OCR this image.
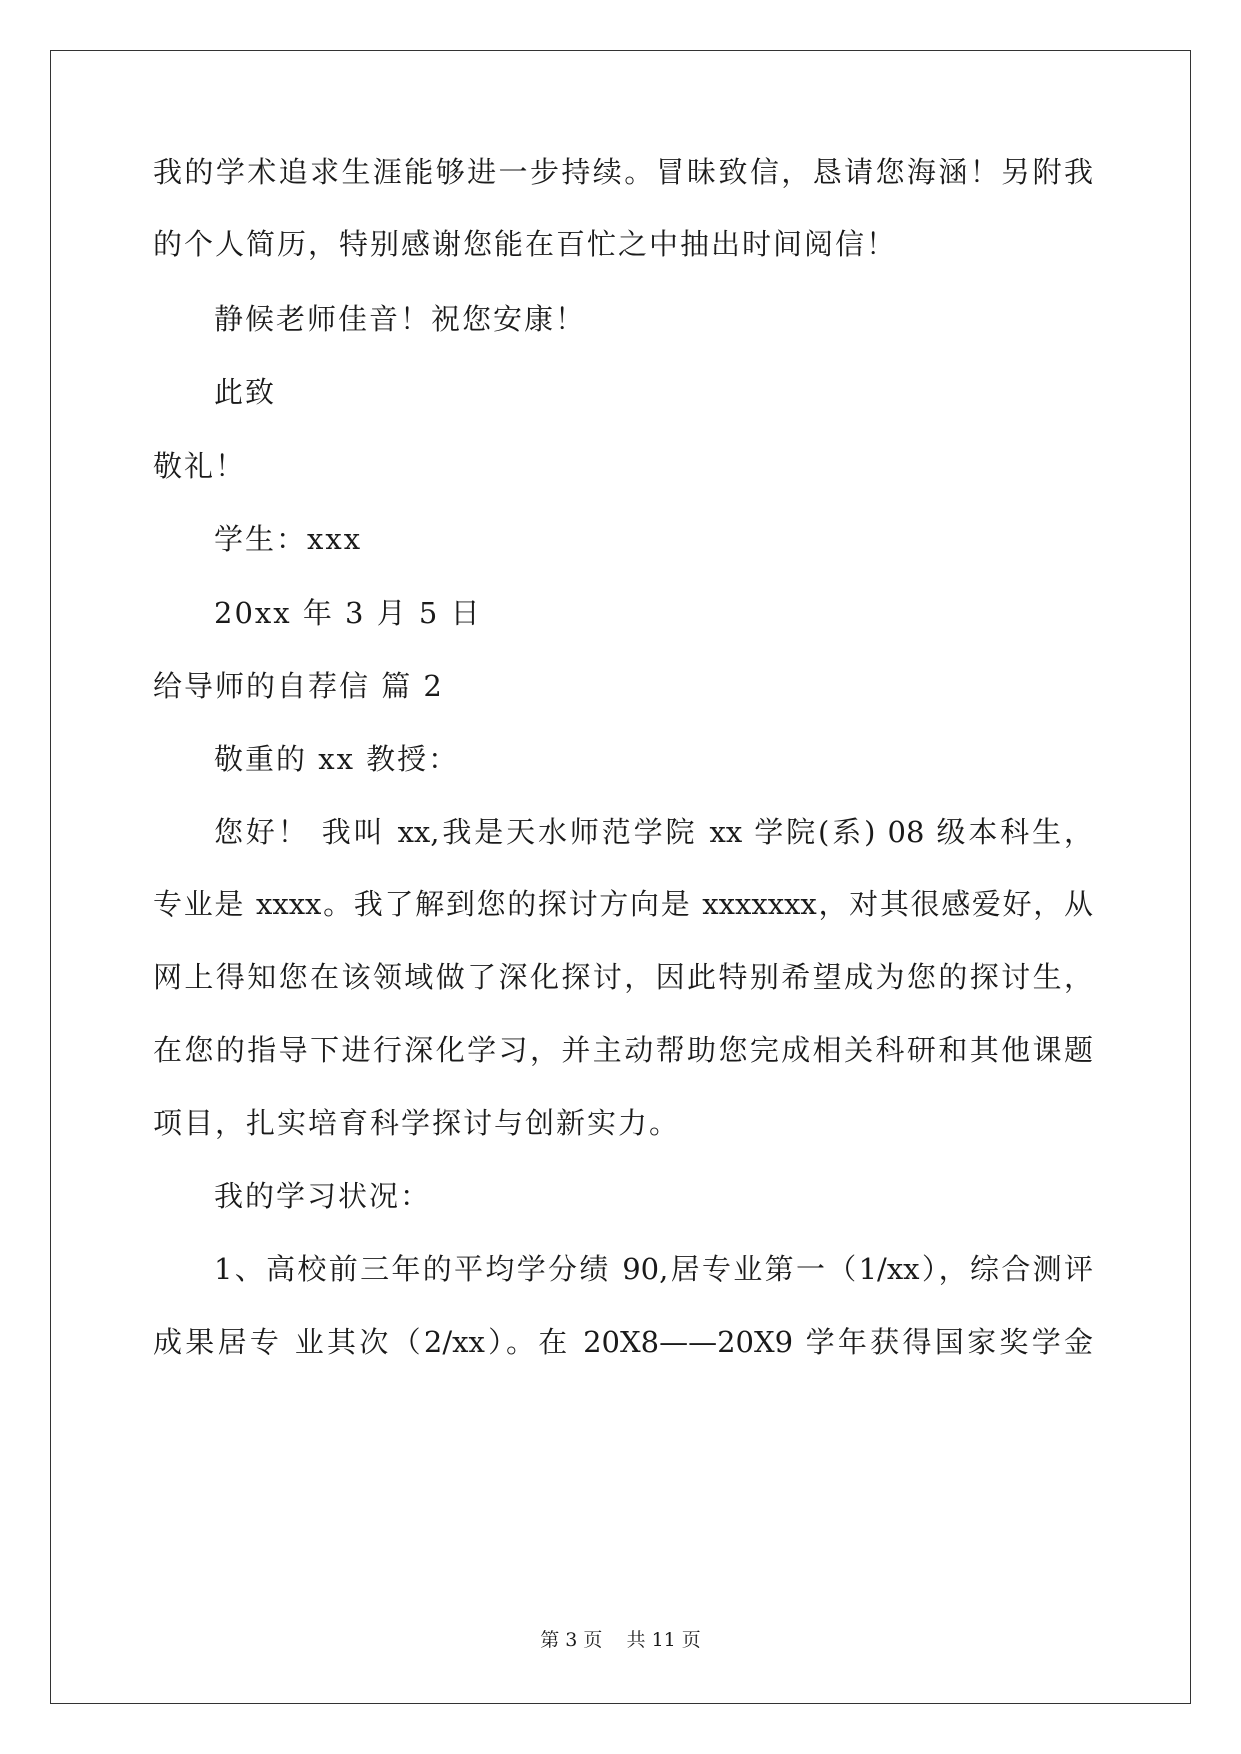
我的学术追求生涯能够进一步持续。冒昧致信，恳请您海涵！另附我
的个人简历，特别感谢您能在百忙之中抽出时间阅信！
静候老师佳音！祝您安康！
此致
敬礼！
学生：xxx
20xx 年 3 月 5 日
给导师的自荐信 篇 2
敬重的 xx 教授：
您好！ 我叫 xx,我是天水师范学院 xx 学院(系) 08 级本科生，
专业是 xxxx。我了解到您的探讨方向是 xxxxxxx，对其很感爱好，从
网上得知您在该领域做了深化探讨，因此特别希望成为您的探讨生，
在您的指导下进行深化学习，并主动帮助您完成相关科研和其他课题
项目，扎实培育科学探讨与创新实力。
我的学习状况：
1、高校前三年的平均学分绩 90,居专业第一（1/xx），综合测评
成果居专 业其次（2/xx）。在 20X8——20X9 学年获得国家奖学金
第 3 页    共 11 页
